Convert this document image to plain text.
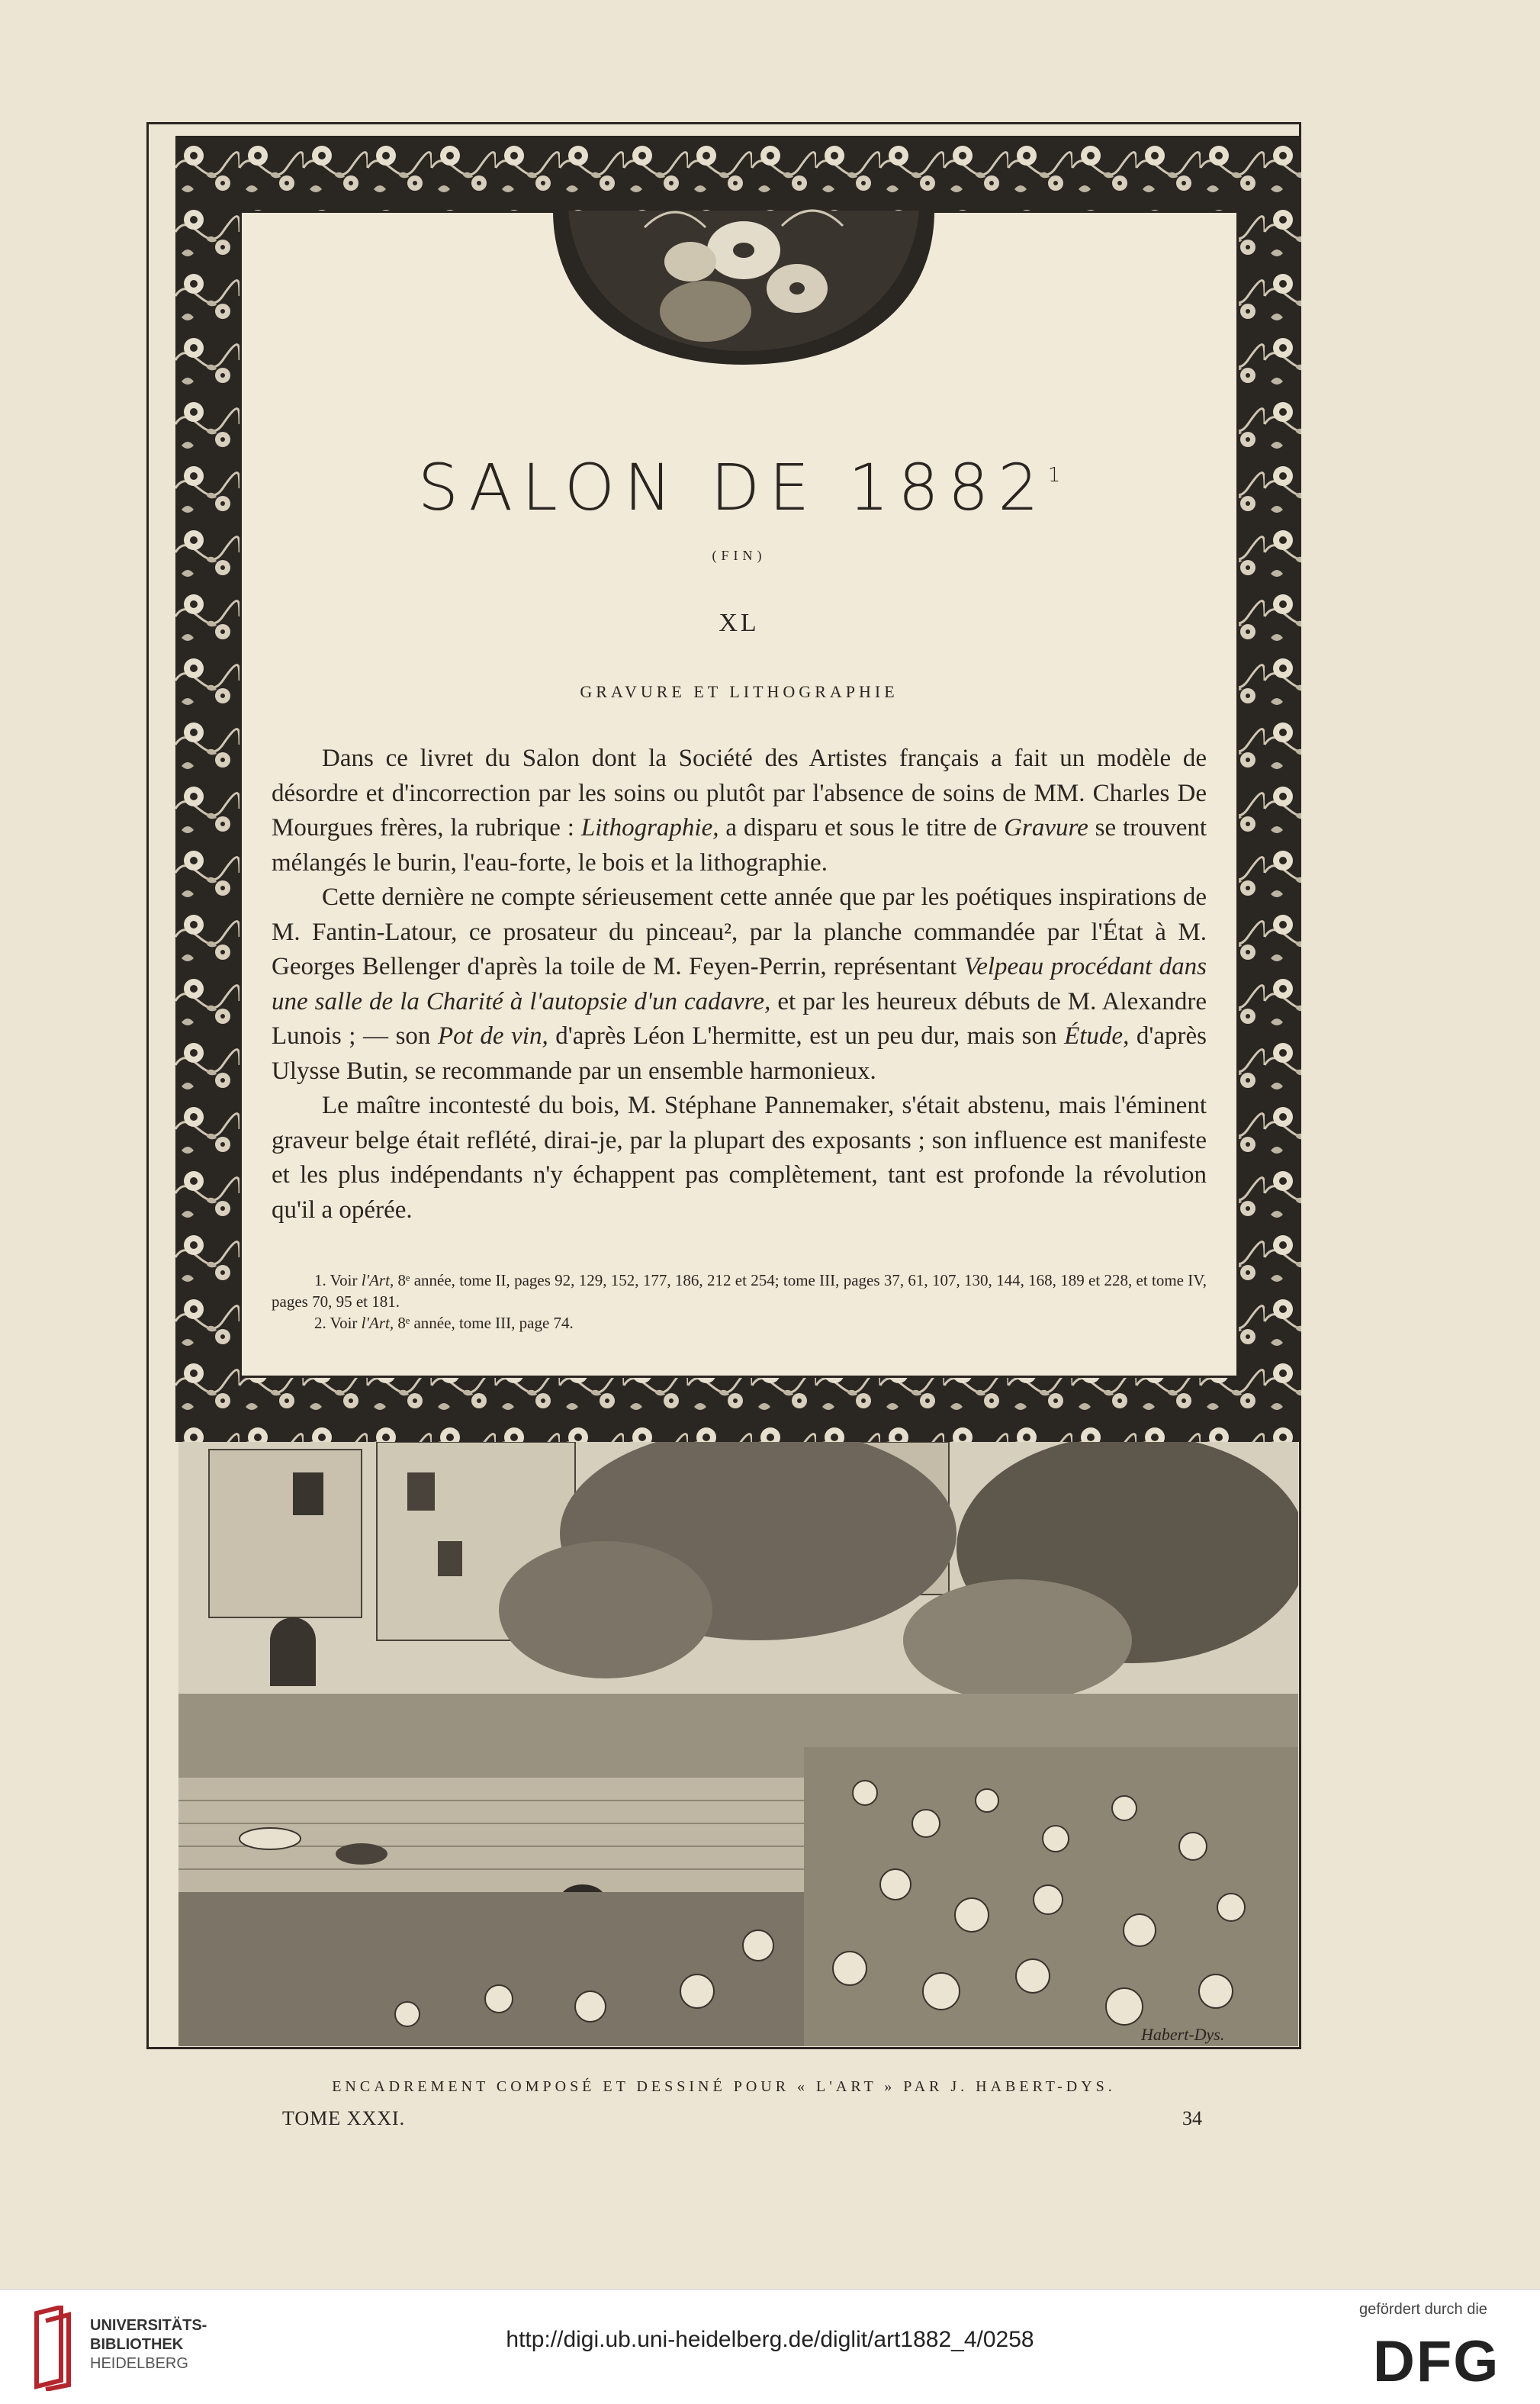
SALON DE 1882$^1$
(FIN)
XL
GRAVURE ET LITHOGRAPHIE

Dans ce livret du Salon dont la Société des Artistes français a fait un modèle de désordre et d'incorrection par les soins ou plutôt par l'absence de soins de MM. Charles De Mourgues frères, la rubrique : Lithographie, a disparu et sous le titre de Gravure se trouvent mélangés le burin, l'eau-forte, le bois et la lithographie.

Cette dernière ne compte sérieusement cette année que par les poétiques inspirations de M. Fantin-Latour, ce prosateur du pinceau², par la planche commandée par l'État à M. Georges Bellenger d'après la toile de M. Feyen-Perrin, représentant Velpeau procédant dans une salle de la Charité à l'autopsie d'un cadavre, et par les heureux débuts de M. Alexandre Lunois ; — son Pot de vin, d'après Léon L'hermitte, est un peu dur, mais son Étude, d'après Ulysse Butin, se recommande par un ensemble harmonieux.

Le maître incontesté du bois, M. Stéphane Pannemaker, s'était abstenu, mais l'éminent graveur belge était reflété, dirai-je, par la plupart des exposants ; son influence est manifeste et les plus indépendants n'y échappent pas complètement, tant est profonde la révolution qu'il a opérée.

1. Voir l'Art, 8ᵉ année, tome II, pages 92, 129, 152, 177, 186, 212 et 254; tome III, pages 37, 61, 107, 130, 144, 168, 189 et 228, et tome IV, pages 70, 95 et 181.
2. Voir l'Art, 8ᵉ année, tome III, page 74.
Habert-Dys.
ENCADREMENT COMPOSÉ ET DESSINÉ POUR « L'ART » PAR J. HABERT-DYS.
TOME XXXI.	34
UNIVERSITÄTS-
BIBLIOTHEK
HEIDELBERG
http://digi.ub.uni-heidelberg.de/diglit/art1882_4/0258
gefördert durch die
DFG
